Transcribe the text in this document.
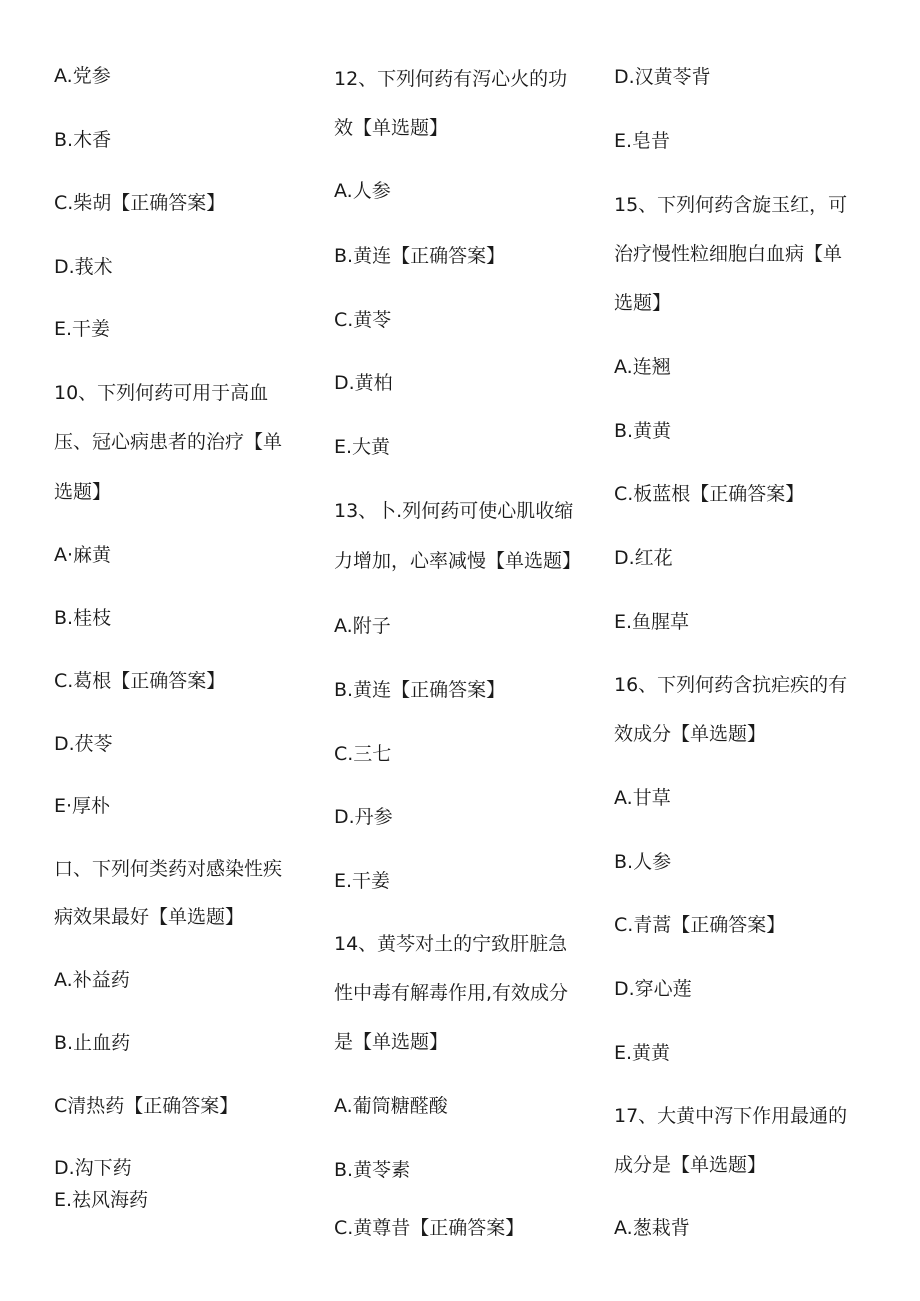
A.党参
B.木香
C.柴胡【正确答案】
D.莪术
E.干姜
10、下列何药可用于高血
压、冠心病患者的治疗【单
选题】
A·麻黄
B.桂枝
C.葛根【正确答案】
D.茯苓
E·厚朴
口、下列何类药对感染性疾
病效果最好【单选题】
A.补益药
B.止血药
C清热药【正确答案】
D.沟下药
E.祛风海药
12、下列何药有泻心火的功
效【单选题】
A.人参
B.黄连【正确答案】
C.黄苓
D.黄柏
E.大黄
13、卜.列何药可使心肌收缩
力增加，心率减慢【单选题】
A.附子
B.黄连【正确答案】
C.三七
D.丹参
E.干姜
14、黄芩对土的宁致肝脏急
性中毒有解毒作用,有效成分
是【单选题】
A.葡筒糖醛酸
B.黄苓素
C.黄尊昔【正确答案】
D.汉黄苓背
E.皂昔
15、下列何药含旋玉红，可
治疗慢性粒细胞白血病【单
选题】
A.连翘
B.黄黄
C.板蓝根【正确答案】
D.红花
E.鱼腥草
16、下列何药含抗疟疾的有
效成分【单选题】
A.甘草
B.人参
C.青蒿【正确答案】
D.穿心莲
E.黄黄
17、大黄中泻下作用最通的
成分是【单选题】
A.葱栽背
